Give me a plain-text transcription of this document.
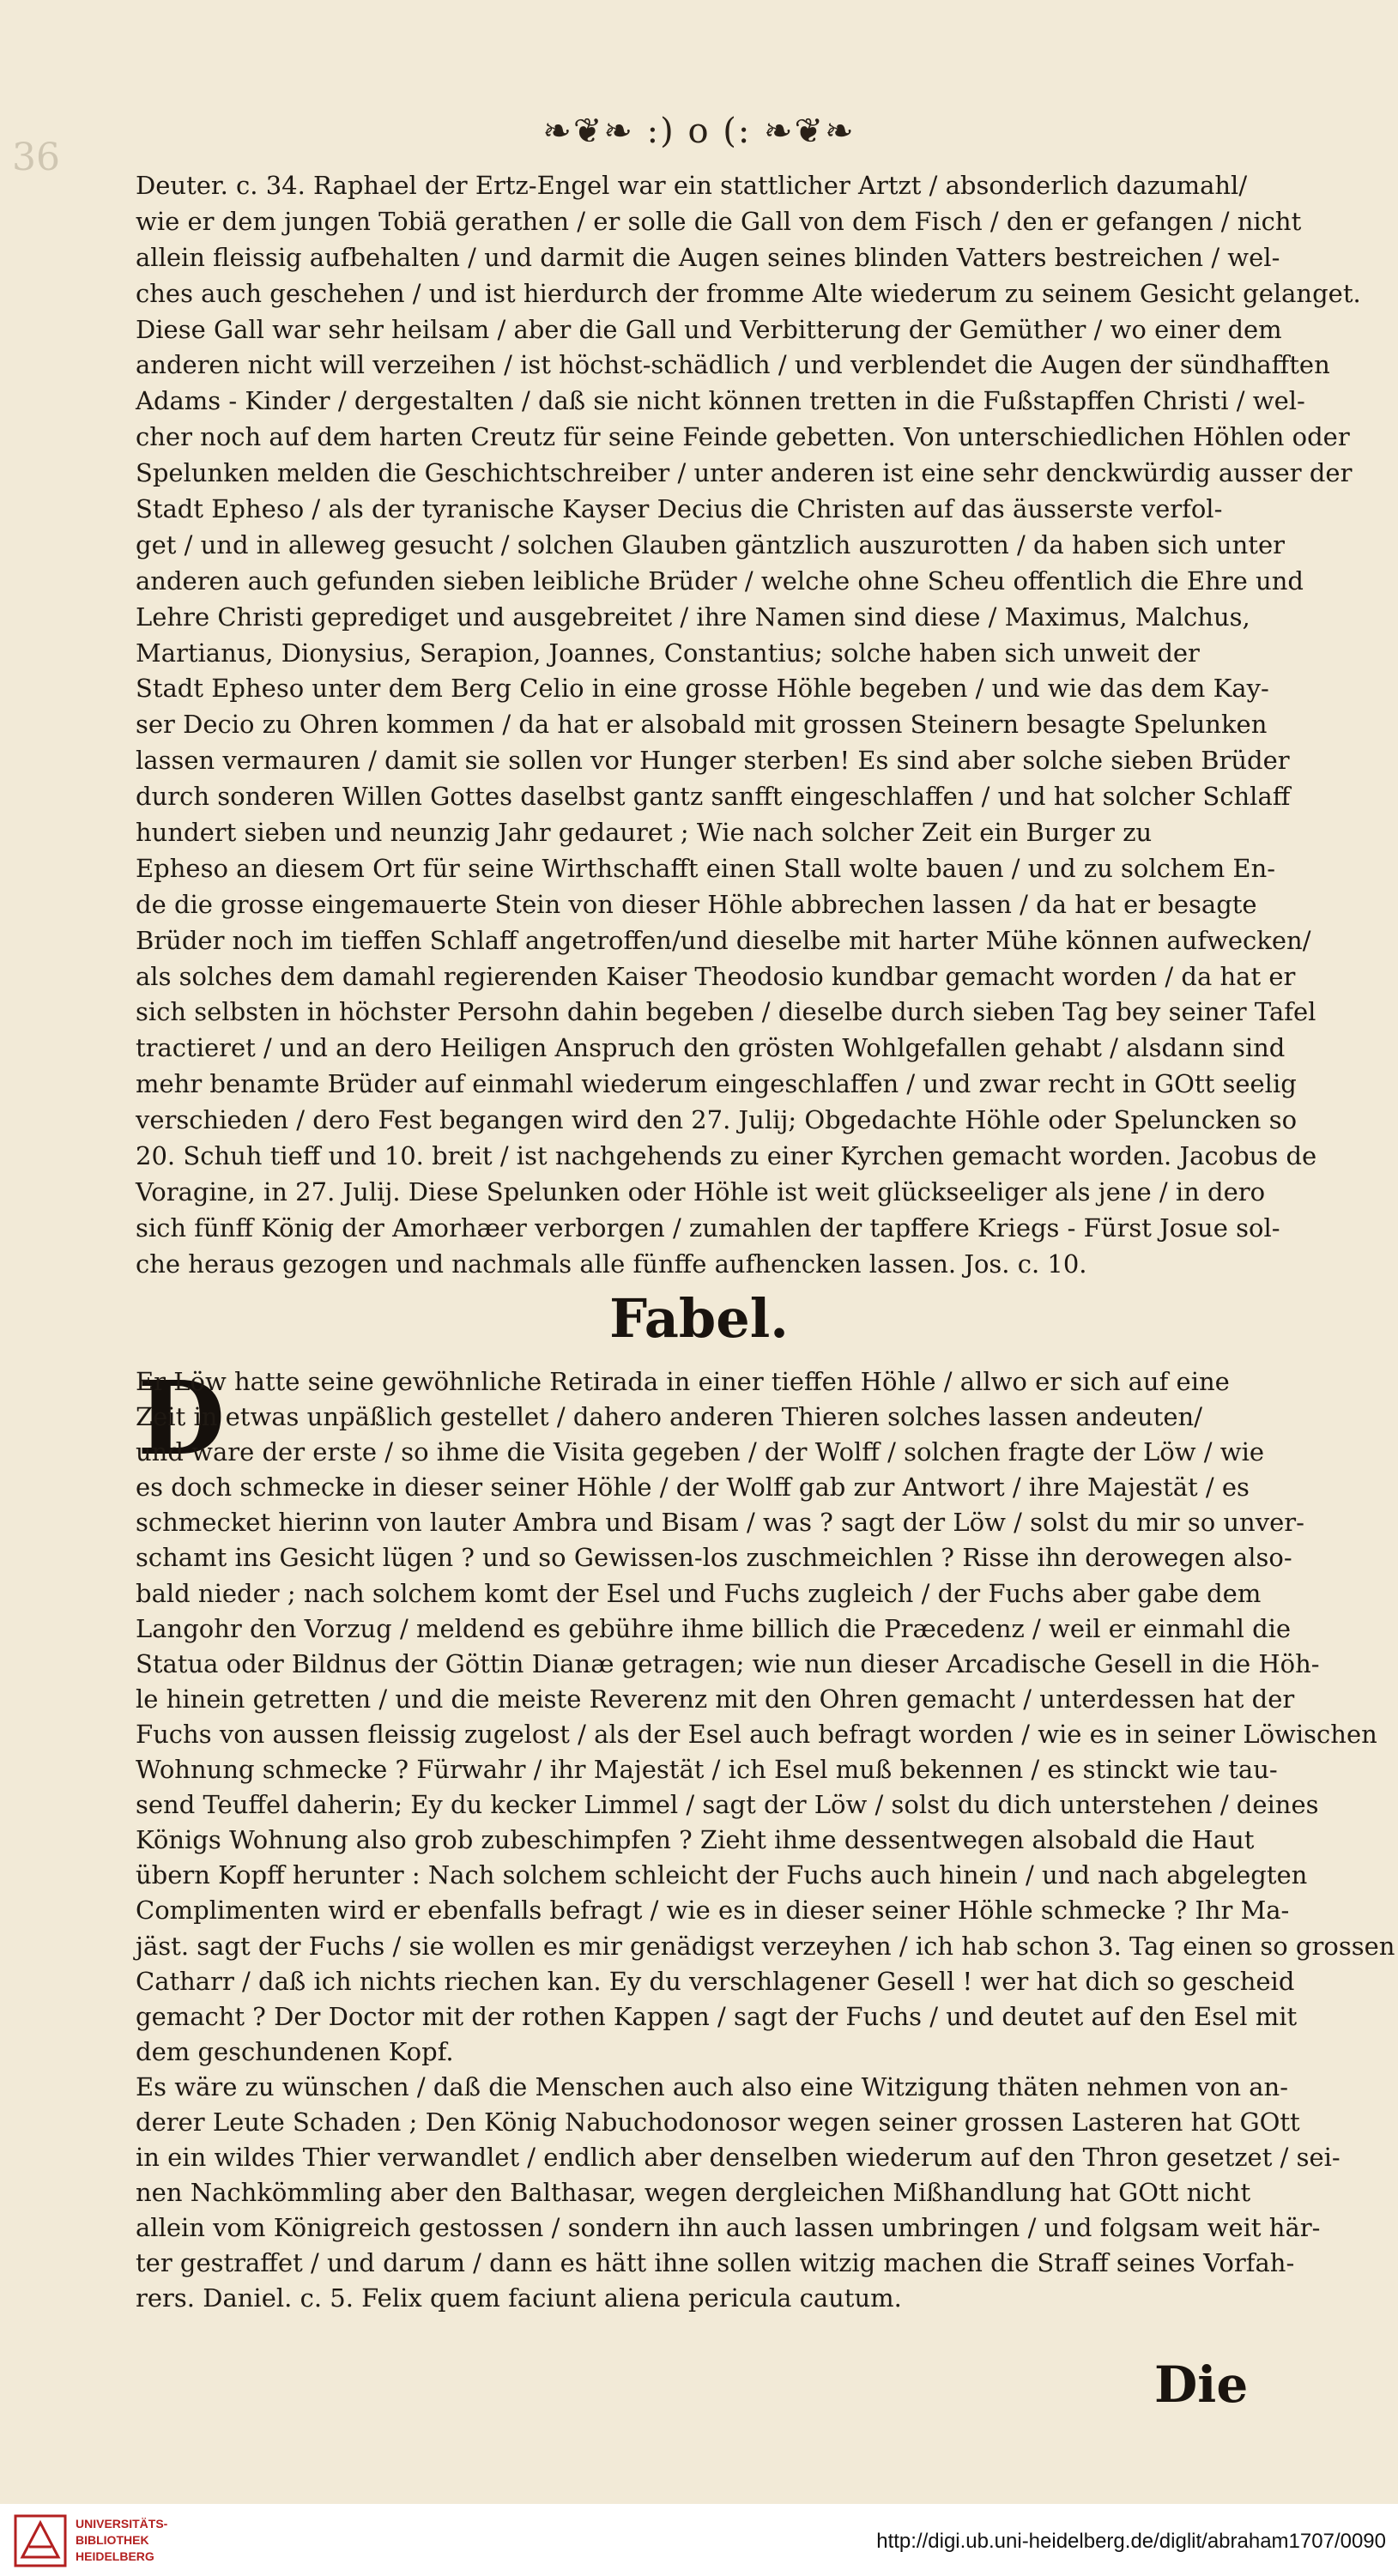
36
❧❦❧ :) o (: ❧❦❧
Deuter. c. 34. Raphael der Ertz-Engel war ein stattlicher Artzt / absonderlich dazumahl/
wie er dem jungen Tobiä gerathen / er solle die Gall von dem Fisch / den er gefangen / nicht
allein fleissig aufbehalten / und darmit die Augen seines blinden Vatters bestreichen / wel-
ches auch geschehen / und ist hierdurch der fromme Alte wiederum zu seinem Gesicht gelanget.
Diese Gall war sehr heilsam / aber die Gall und Verbitterung der Gemüther / wo einer dem
anderen nicht will verzeihen / ist höchst-schädlich / und verblendet die Augen der sündhafften
Adams - Kinder / dergestalten / daß sie nicht können tretten in die Fußstapffen Christi / wel-
cher noch auf dem harten Creutz für seine Feinde gebetten. Von unterschiedlichen Höhlen oder
Spelunken melden die Geschichtschreiber / unter anderen ist eine sehr denckwürdig ausser der
Stadt Epheso / als der tyranische Kayser Decius die Christen auf das äusserste verfol-
get / und in alleweg gesucht / solchen Glauben gäntzlich auszurotten / da haben sich unter
anderen auch gefunden sieben leibliche Brüder / welche ohne Scheu offentlich die Ehre und
Lehre Christi geprediget und ausgebreitet / ihre Namen sind diese / Maximus, Malchus,
Martianus, Dionysius, Serapion, Joannes, Constantius; solche haben sich unweit der
Stadt Epheso unter dem Berg Celio in eine grosse Höhle begeben / und wie das dem Kay-
ser Decio zu Ohren kommen / da hat er alsobald mit grossen Steinern besagte Spelunken
lassen vermauren / damit sie sollen vor Hunger sterben! Es sind aber solche sieben Brüder
durch sonderen Willen Gottes daselbst gantz sanfft eingeschlaffen / und hat solcher Schlaff
hundert sieben und neunzig Jahr gedauret ; Wie nach solcher Zeit ein Burger zu
Epheso an diesem Ort für seine Wirthschafft einen Stall wolte bauen / und zu solchem En-
de die grosse eingemauerte Stein von dieser Höhle abbrechen lassen / da hat er besagte
Brüder noch im tieffen Schlaff angetroffen/und dieselbe mit harter Mühe können aufwecken/
als solches dem damahl regierenden Kaiser Theodosio kundbar gemacht worden / da hat er
sich selbsten in höchster Persohn dahin begeben / dieselbe durch sieben Tag bey seiner Tafel
tractieret / und an dero Heiligen Anspruch den grösten Wohlgefallen gehabt / alsdann sind
mehr benamte Brüder auf einmahl wiederum eingeschlaffen / und zwar recht in GOtt seelig
verschieden / dero Fest begangen wird den 27. Julij; Obgedachte Höhle oder Speluncken so
20. Schuh tieff und 10. breit / ist nachgehends zu einer Kyrchen gemacht worden. Jacobus de
Voragine, in 27. Julij. Diese Spelunken oder Höhle ist weit glückseeliger als jene / in dero
sich fünff König der Amorhæer verborgen / zumahlen der tapffere Kriegs - Fürst Josue sol-
che heraus gezogen und nachmals alle fünffe aufhencken lassen. Jos. c. 10.
Fabel.
D
Er Löw hatte seine gewöhnliche Retirada in einer tieffen Höhle / allwo er sich auf eine
Zeit in etwas unpäßlich gestellet / dahero anderen Thieren solches lassen andeuten/
und ware der erste / so ihme die Visita gegeben / der Wolff / solchen fragte der Löw / wie
es doch schmecke in dieser seiner Höhle / der Wolff gab zur Antwort / ihre Majestät / es
schmecket hierinn von lauter Ambra und Bisam / was ? sagt der Löw / solst du mir so unver-
schamt ins Gesicht lügen ? und so Gewissen-los zuschmeichlen ? Risse ihn derowegen also-
bald nieder ; nach solchem komt der Esel und Fuchs zugleich / der Fuchs aber gabe dem
Langohr den Vorzug / meldend es gebühre ihme billich die Præcedenz / weil er einmahl die
Statua oder Bildnus der Göttin Dianæ getragen; wie nun dieser Arcadische Gesell in die Höh-
le hinein getretten / und die meiste Reverenz mit den Ohren gemacht / unterdessen hat der
Fuchs von aussen fleissig zugelost / als der Esel auch befragt worden / wie es in seiner Löwischen
Wohnung schmecke ? Fürwahr / ihr Majestät / ich Esel muß bekennen / es stinckt wie tau-
send Teuffel daherin; Ey du kecker Limmel / sagt der Löw / solst du dich unterstehen / deines
Königs Wohnung also grob zubeschimpfen ? Zieht ihme dessentwegen alsobald die Haut
übern Kopff herunter : Nach solchem schleicht der Fuchs auch hinein / und nach abgelegten
Complimenten wird er ebenfalls befragt / wie es in dieser seiner Höhle schmecke ? Ihr Ma-
jäst. sagt der Fuchs / sie wollen es mir genädigst verzeyhen / ich hab schon 3. Tag einen so grossen
Catharr / daß ich nichts riechen kan. Ey du verschlagener Gesell ! wer hat dich so gescheid
gemacht ? Der Doctor mit der rothen Kappen / sagt der Fuchs / und deutet auf den Esel mit
dem geschundenen Kopf.
Es wäre zu wünschen / daß die Menschen auch also eine Witzigung thäten nehmen von an-
derer Leute Schaden ; Den König Nabuchodonosor wegen seiner grossen Lasteren hat GOtt
in ein wildes Thier verwandlet / endlich aber denselben wiederum auf den Thron gesetzet / sei-
nen Nachkömmling aber den Balthasar, wegen dergleichen Mißhandlung hat GOtt nicht
allein vom Königreich gestossen / sondern ihn auch lassen umbringen / und folgsam weit här-
ter gestraffet / und darum / dann es hätt ihne sollen witzig machen die Straff seines Vorfah-
rers. Daniel. c. 5. Felix quem faciunt aliena pericula cautum.
Die
UNIVERSITÄTS-
BIBLIOTHEK
HEIDELBERG
http://digi.ub.uni-heidelberg.de/diglit/abraham1707/0090
